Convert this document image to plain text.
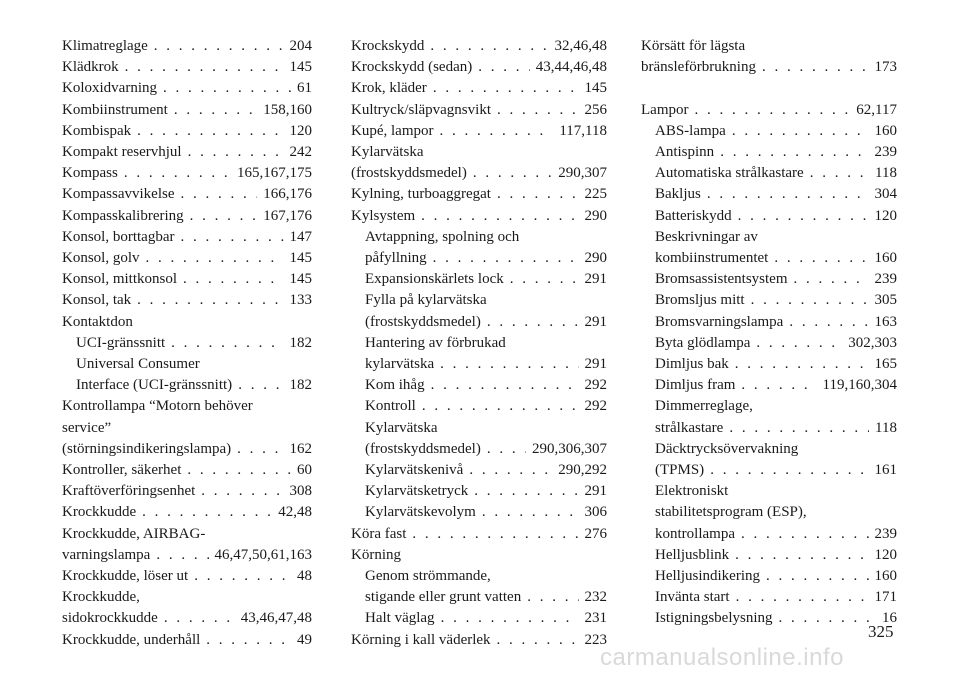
Klimatreglage . . .	204
Klädkrok . . .	145
Koloxidvarning . . .	61
Kombiinstrument . . .	158,160
Kombispak . . .	120
Kompakt reservhjul . . .	242
Kompass . . .	165,167,175
Kompassavvikelse . . .	166,176
Kompasskalibrering . . .	167,176
Konsol, borttagbar . . .	147
Konsol, golv . . .	145
Konsol, mittkonsol . . .	145
Konsol, tak . . .	133
Kontaktdon
UCI-gränssnitt . . .	182
Universal Consumer
Interface (UCI-gränssnitt) . . .	182
Kontrollampa “Motorn behöver
service”
(störningsindikeringslampa) . . .	162
Kontroller, säkerhet . . .	60
Kraftöverföringsenhet . . .	308
Krockkudde . . .	42,48
Krockkudde, AIRBAG-
varningslampa . . .	46,47,50,61,163
Krockkudde, löser ut . . .	48
Krockkudde,
sidokrockkudde . . .	43,46,47,48
Krockkudde, underhåll . . .	49
Krockskydd . . .	32,46,48
Krockskydd (sedan) . . .	43,44,46,48
Krok, kläder . . .	145
Kultryck/släpvagnsvikt . . .	256
Kupé, lampor . . .	117,118
Kylarvätska
(frostskyddsmedel) . . .	290,307
Kylning, turboaggregat . . .	225
Kylsystem . . .	290
Avtappning, spolning och
påfyllning . . .	290
Expansionskärlets lock . . .	291
Fylla på kylarvätska
(frostskyddsmedel) . . .	291
Hantering av förbrukad
kylarvätska . . .	291
Kom ihåg . . .	292
Kontroll . . .	292
Kylarvätska
(frostskyddsmedel) . . .	290,306,307
Kylarvätskenivå . . .	290,292
Kylarvätsketryck . . .	291
Kylarvätskevolym . . .	306
Köra fast . . .	276
Körning
Genom strömmande,
stigande eller grunt vatten . . .	232
Halt väglag . . .	231
Körning i kall väderlek . . .	223
Körsätt för lägsta
bränsleförbrukning . . .	173
Lampor . . .	62,117
ABS-lampa . . .	160
Antispinn . . .	239
Automatiska strålkastare . . .	118
Bakljus . . .	304
Batteriskydd . . .	120
Beskrivningar av
kombiinstrumentet . . .	160
Bromsassistentsystem . . .	239
Bromsljus mitt . . .	305
Bromsvarningslampa . . .	163
Byta glödlampa . . .	302,303
Dimljus bak . . .	165
Dimljus fram . . .	119,160,304
Dimmerreglage,
strålkastare . . .	118
Däcktrycksövervakning
(TPMS) . . .	161
Elektroniskt
stabilitetsprogram (ESP),
kontrollampa . . .	239
Helljusblink . . .	120
Helljusindikering . . .	160
Invänta start . . .	171
Istigningsbelysning . . .	16
325
carmanualsonline.info
